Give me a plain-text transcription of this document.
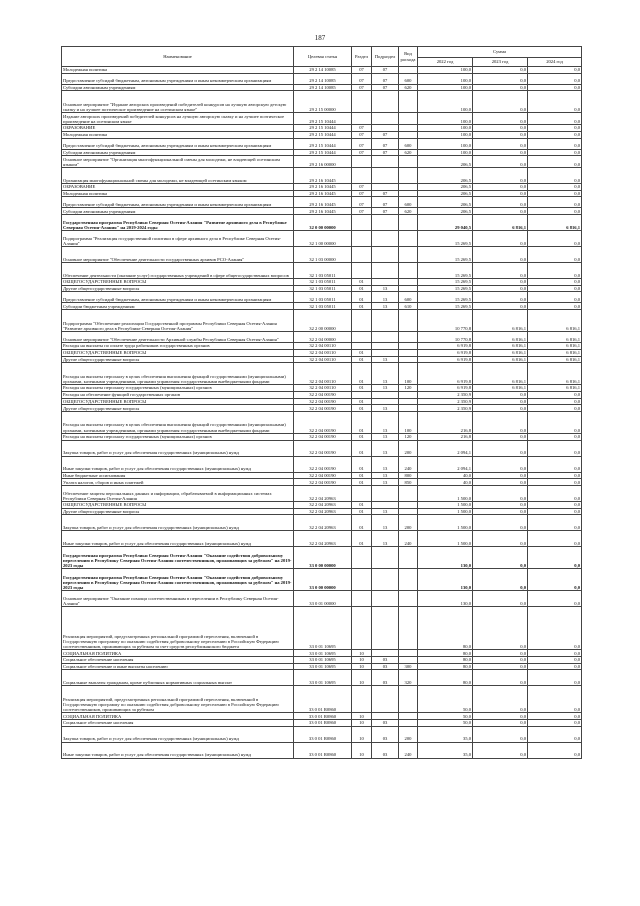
187
Наименование	Целевая статья	Раздел	Подраздел	Вид расхода	Сумма		
					2022 год	2023 год	2024 год
Молодежная политика	29 2 14 10085	07	07		100,0	0,0	0,0
Предоставление субсидий бюджетным, автономным учреждениям и иным некоммерческим организациям	29 2 14 10085	07	07	600	100,0	0,0	0,0
Субсидии автономным учреждениям	29 2 14 10085	07	07	620	100,0	0,0	0,0
Основное мероприятие "Издание авторских произведений победителей конкурсов на лучшую авторскую детскую сказку и на лучшее поэтическое произведение на осетинском языке"	29 2 15 00000				100,0	0,0	0,0
Издание авторских произведений победителей конкурсов на лучшую авторскую сказку и на лучшее поэтическое произведение на осетинском языке	29 2 15 10444				100,0	0,0	0,0
ОБРАЗОВАНИЕ	29 2 15 10444	07			100,0	0,0	0,0
Молодежная политика	29 2 15 10444	07	07		100,0	0,0	0,0
Предоставление субсидий бюджетным, автономным учреждениям и иным некоммерческим организациям	29 2 15 10444	07	07	600	100,0	0,0	0,0
Субсидии автономным учреждениям	29 2 15 10444	07	07	620	100,0	0,0	0,0
Основное мероприятие "Организация многофункциональной смены для молодежи, не владеющей осетинским языком"	29 2 16 00000				206,5	0,0	0,0
Организация многофункциональной смены для молодежи, не владеющей осетинским языком	29 2 16 10445				206,5	0,0	0,0
ОБРАЗОВАНИЕ	29 2 16 10445	07			206,5	0,0	0,0
Молодежная политика	29 2 16 10445	07	07		206,5	0,0	0,0
Предоставление субсидий бюджетным, автономным учреждениям и иным некоммерческим организациям	29 2 16 10445	07	07	600	206,5	0,0	0,0
Субсидии автономным учреждениям	29 2 16 10445	07	07	620	206,5	0,0	0,0
Государственная программа Республики Северная Осетия-Алания "Развитие архивного дела в Республике Северная Осетия-Алания" на 2019-2024 годы	32 0 00 00000				29 040,5	6 816,1	6 816,1
Подпрограмма "Реализация государственной политики в сфере архивного дела в Республике Северная Осетия-Алания"	32 1 00 00000				15 269,5	0,0	0,0
Основное мероприятие "Обеспечение деятельности государственных архивов РСО-Алания"	32 1 03 00000				15 269,5	0,0	0,0
Обеспечение деятельности (оказание услуг) государственных учреждений в сфере общегосударственных вопросов	32 1 03 05011				15 269,5	0,0	0,0
ОБЩЕГОСУДАРСТВЕННЫЕ ВОПРОСЫ	32 1 03 05011	01			15 269,5	0,0	0,0
Другие общегосударственные вопросы	32 1 03 05011	01	13		15 269,5	0,0	0,0
Предоставление субсидий бюджетным, автономным учреждениям и иным некоммерческим организациям	32 1 03 05011	01	13	600	15 269,5	0,0	0,0
Субсидии бюджетным учреждениям	32 1 03 05011	01	13	610	15 269,5	0,0	0,0
Подпрограмма "Обеспечение реализации Государственной программы Республики Северная Осетия-Алания "Развитие архивного дела в Республике Северная Осетия-Алания"	32 2 00 00000				10 770,8	6 816,1	6 816,1
Основное мероприятие "Обеспечение деятельности Архивной службы Республики Северная Осетия-Алания"	32 2 04 00000				10 770,8	6 816,1	6 816,1
Расходы на выплаты по оплате труда работников государственных органов	32 2 04 00110				6 919,8	6 816,1	6 816,1
ОБЩЕГОСУДАРСТВЕННЫЕ ВОПРОСЫ	32 2 04 00110	01			6 919,8	6 816,1	6 816,1
Другие общегосударственные вопросы	32 2 04 00110	01	13		6 919,8	6 816,1	6 816,1
Расходы на выплаты персоналу в целях обеспечения выполнения функций государственными (муниципальными) органами, казенными учреждениями, органами управления государственными внебюджетными фондами	32 2 04 00110	01	13	100	6 919,8	6 816,1	6 816,1
Расходы на выплаты персоналу государственных (муниципальных) органов	32 2 04 00110	01	13	120	6 919,8	6 816,1	6 816,1
Расходы на обеспечение функций государственных органов	32 2 04 00190				2 350,9	0,0	0,0
ОБЩЕГОСУДАРСТВЕННЫЕ ВОПРОСЫ	32 2 04 00190	01			2 350,9	0,0	0,0
Другие общегосударственные вопросы	32 2 04 00190	01	13		2 350,9	0,0	0,0
Расходы на выплаты персоналу в целях обеспечения выполнения функций государственными (муниципальными) органами, казенными учреждениями, органами управления государственными внебюджетными фондами	32 2 04 00190	01	13	100	216,8	0,0	0,0
Расходы на выплаты персоналу государственных (муниципальных) органов	32 2 04 00190	01	13	120	216,8	0,0	0,0
Закупка товаров, работ и услуг для обеспечения государственных (муниципальных) нужд	32 2 04 00190	01	13	200	2 094,1	0,0	0,0
Иные закупки товаров, работ и услуг для обеспечения государственных (муниципальных) нужд	32 2 04 00190	01	13	240	2 094,1	0,0	0,0
Иные бюджетные ассигнования	32 2 04 00190	01	13	800	40,0	0,0	0,0
Уплата налогов, сборов и иных платежей	32 2 04 00190	01	13	850	40,0	0,0	0,0
Обеспечение защиты персональных данных и информации, обрабатываемой в информационных системах Республики Северная Осетия-Алания	32 2 04 20963				1 500,0	0,0	0,0
ОБЩЕГОСУДАРСТВЕННЫЕ ВОПРОСЫ	32 2 04 20963	01			1 500,0	0,0	0,0
Другие общегосударственные вопросы	32 2 04 20963	01	13		1 500,0	0,0	0,0
Закупка товаров, работ и услуг для обеспечения государственных (муниципальных) нужд	32 2 04 20963	01	13	200	1 500,0	0,0	0,0
Иные закупки товаров, работ и услуг для обеспечения государственных (муниципальных) нужд	32 2 04 20963	01	13	240	1 500,0	0,0	0,0
Государственная программа Республики Северная Осетия-Алания "Оказание содействия добровольному переселению в Республику Северная Осетия-Алания соотечественников, проживающих за рубежом" на 2019-2023 годы	33 0 00 00000				130,0	0,0	0,0
Государственная программа Республики Северная Осетия-Алания "Оказание содействия добровольному переселению в Республику Северная Осетия-Алания соотечественников, проживающих за рубежом" на 2019-2023 годы	33 0 00 00000				130,0	0,0	0,0
Основное мероприятие "Оказание помощи соотечественникам в переселении в Республику Северная Осетия-Алания"	33 0 01 00000				130,0	0,0	0,0
Реализация мероприятий, предусмотренных региональной программой переселения, включенной в Государственную программу по оказанию содействия добровольному переселению в Российскую Федерацию соотечественников, проживающих за рубежом за счет средств республиканского бюджета	33 0 01 10695				80,0	0,0	0,0
СОЦИАЛЬНАЯ ПОЛИТИКА	33 0 01 10695	10			80,0	0,0	0,0
Социальное обеспечение населения	33 0 01 10695	10	03		80,0	0,0	0,0
Социальное обеспечение и иные выплаты населению	33 0 01 10695	10	03	300	80,0	0,0	0,0
Социальные выплаты гражданам, кроме публичных нормативных социальных выплат	33 0 01 10695	10	03	320	80,0	0,0	0,0
Реализация мероприятий, предусмотренных региональной программой переселения, включенной в Государственную программу по оказанию содействия добровольному переселению в Российскую Федерацию соотечественников, проживающих за рубежом	33 0 01 R0860				50,0	0,0	0,0
СОЦИАЛЬНАЯ ПОЛИТИКА	33 0 01 R0860	10			50,0	0,0	0,0
Социальное обеспечение населения	33 0 01 R0860	10	03		50,0	0,0	0,0
Закупка товаров, работ и услуг для обеспечения государственных (муниципальных) нужд	33 0 01 R0860	10	03	200	35,0	0,0	0,0
Иные закупки товаров, работ и услуг для обеспечения государственных (муниципальных) нужд	33 0 01 R0860	10	03	240	35,0	0,0	0,0
